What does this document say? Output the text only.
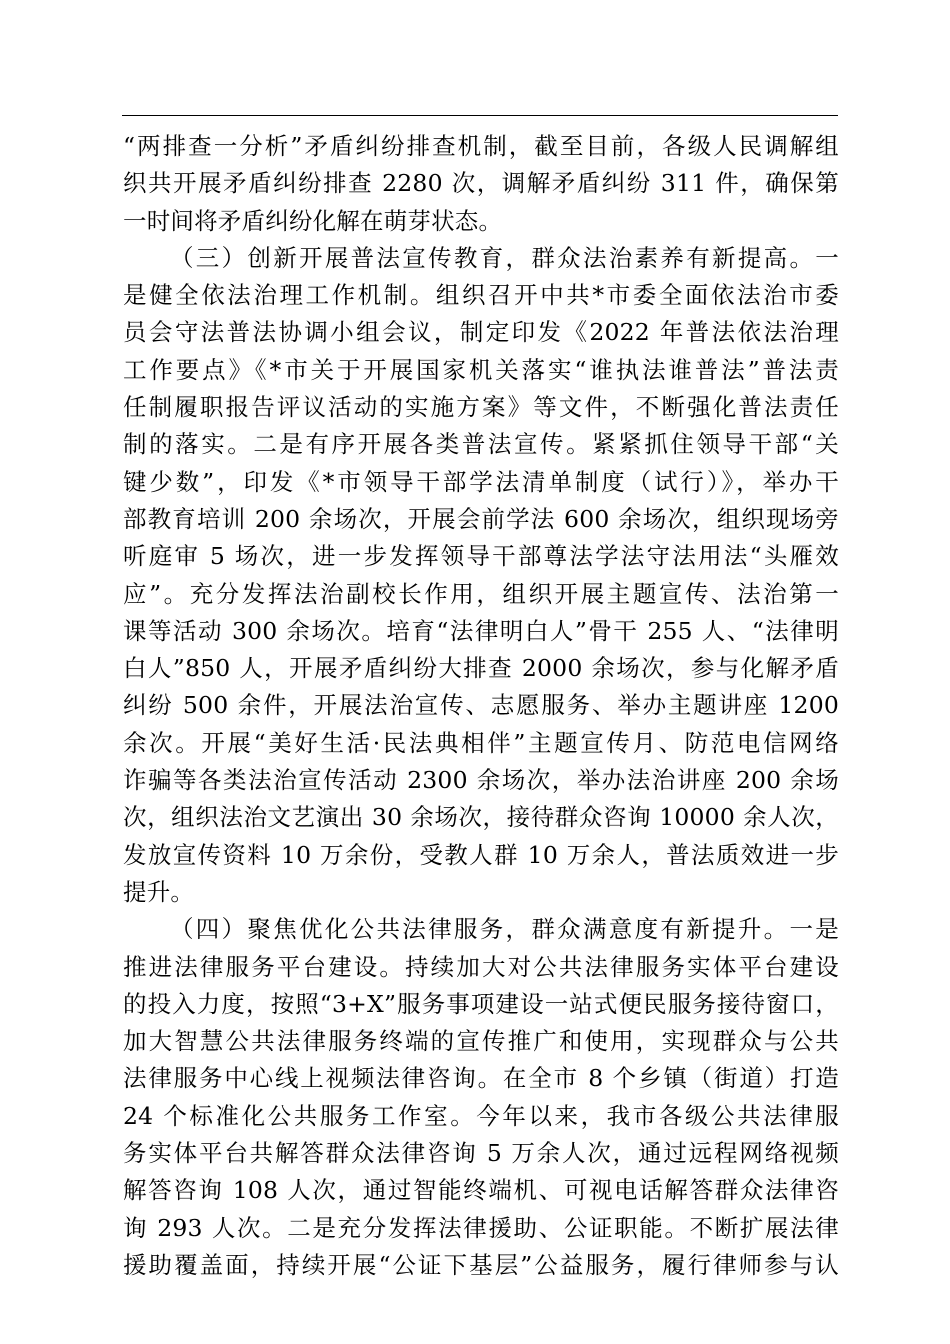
“两排查一分析”矛盾纠纷排查机制，截至目前，各级人民调解组
织共开展矛盾纠纷排查 2280 次，调解矛盾纠纷 311 件，确保第
一时间将矛盾纠纷化解在萌芽状态。
（三）创新开展普法宣传教育，群众法治素养有新提高。一
是健全依法治理工作机制。组织召开中共*市委全面依法治市委
员会守法普法协调小组会议，制定印发《2022 年普法依法治理
工作要点》《*市关于开展国家机关落实“谁执法谁普法”普法责
任制履职报告评议活动的实施方案》等文件，不断强化普法责任
制的落实。二是有序开展各类普法宣传。紧紧抓住领导干部“关
键少数”，印发《*市领导干部学法清单制度（试行）》，举办干
部教育培训 200 余场次，开展会前学法 600 余场次，组织现场旁
听庭审 5 场次，进一步发挥领导干部尊法学法守法用法“头雁效
应”。充分发挥法治副校长作用，组织开展主题宣传、法治第一
课等活动 300 余场次。培育“法律明白人”骨干 255 人、“法律明
白人”850 人，开展矛盾纠纷大排查 2000 余场次，参与化解矛盾
纠纷 500 余件，开展法治宣传、志愿服务、举办主题讲座 1200
余次。开展“美好生活·民法典相伴”主题宣传月、防范电信网络
诈骗等各类法治宣传活动 2300 余场次，举办法治讲座 200 余场
次，组织法治文艺演出 30 余场次，接待群众咨询 10000 余人次，
发放宣传资料 10 万余份，受教人群 10 万余人，普法质效进一步
提升。
（四）聚焦优化公共法律服务，群众满意度有新提升。一是
推进法律服务平台建设。持续加大对公共法律服务实体平台建设
的投入力度，按照“3+X”服务事项建设一站式便民服务接待窗口，
加大智慧公共法律服务终端的宣传推广和使用，实现群众与公共
法律服务中心线上视频法律咨询。在全市 8 个乡镇（街道）打造
24 个标准化公共服务工作室。今年以来，我市各级公共法律服
务实体平台共解答群众法律咨询 5 万余人次，通过远程网络视频
解答咨询 108 人次，通过智能终端机、可视电话解答群众法律咨
询 293 人次。二是充分发挥法律援助、公证职能。不断扩展法律
援助覆盖面，持续开展“公证下基层”公益服务，履行律师参与认
